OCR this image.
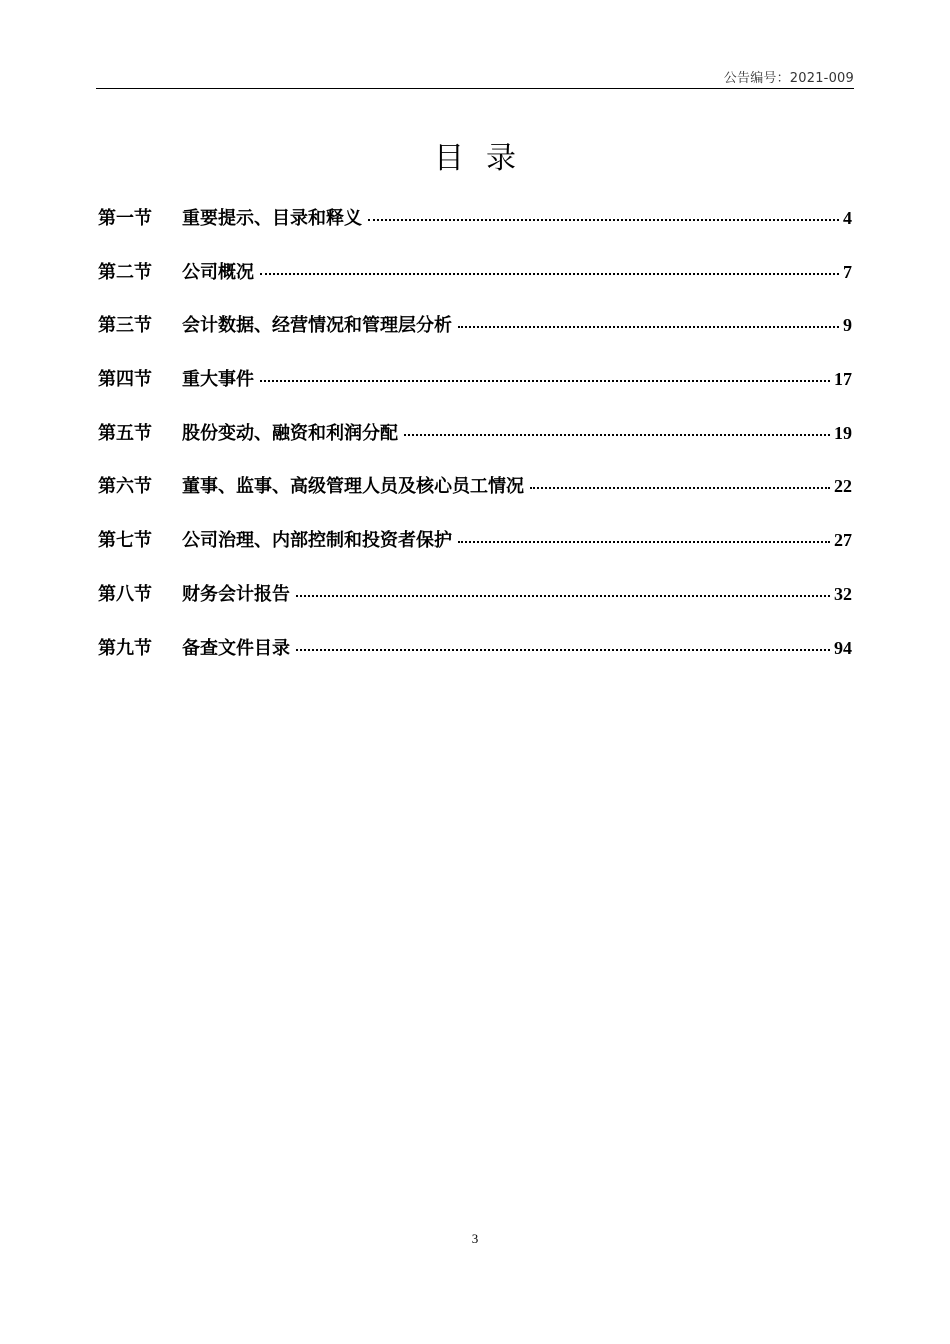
公告编号：2021-009
目录
第一节	重要提示、目录和释义	4
第二节	公司概况	7
第三节	会计数据、经营情况和管理层分析	9
第四节	重大事件	17
第五节	股份变动、融资和利润分配	19
第六节	董事、监事、高级管理人员及核心员工情况	22
第七节	公司治理、内部控制和投资者保护	27
第八节	财务会计报告	32
第九节	备查文件目录	94
3
